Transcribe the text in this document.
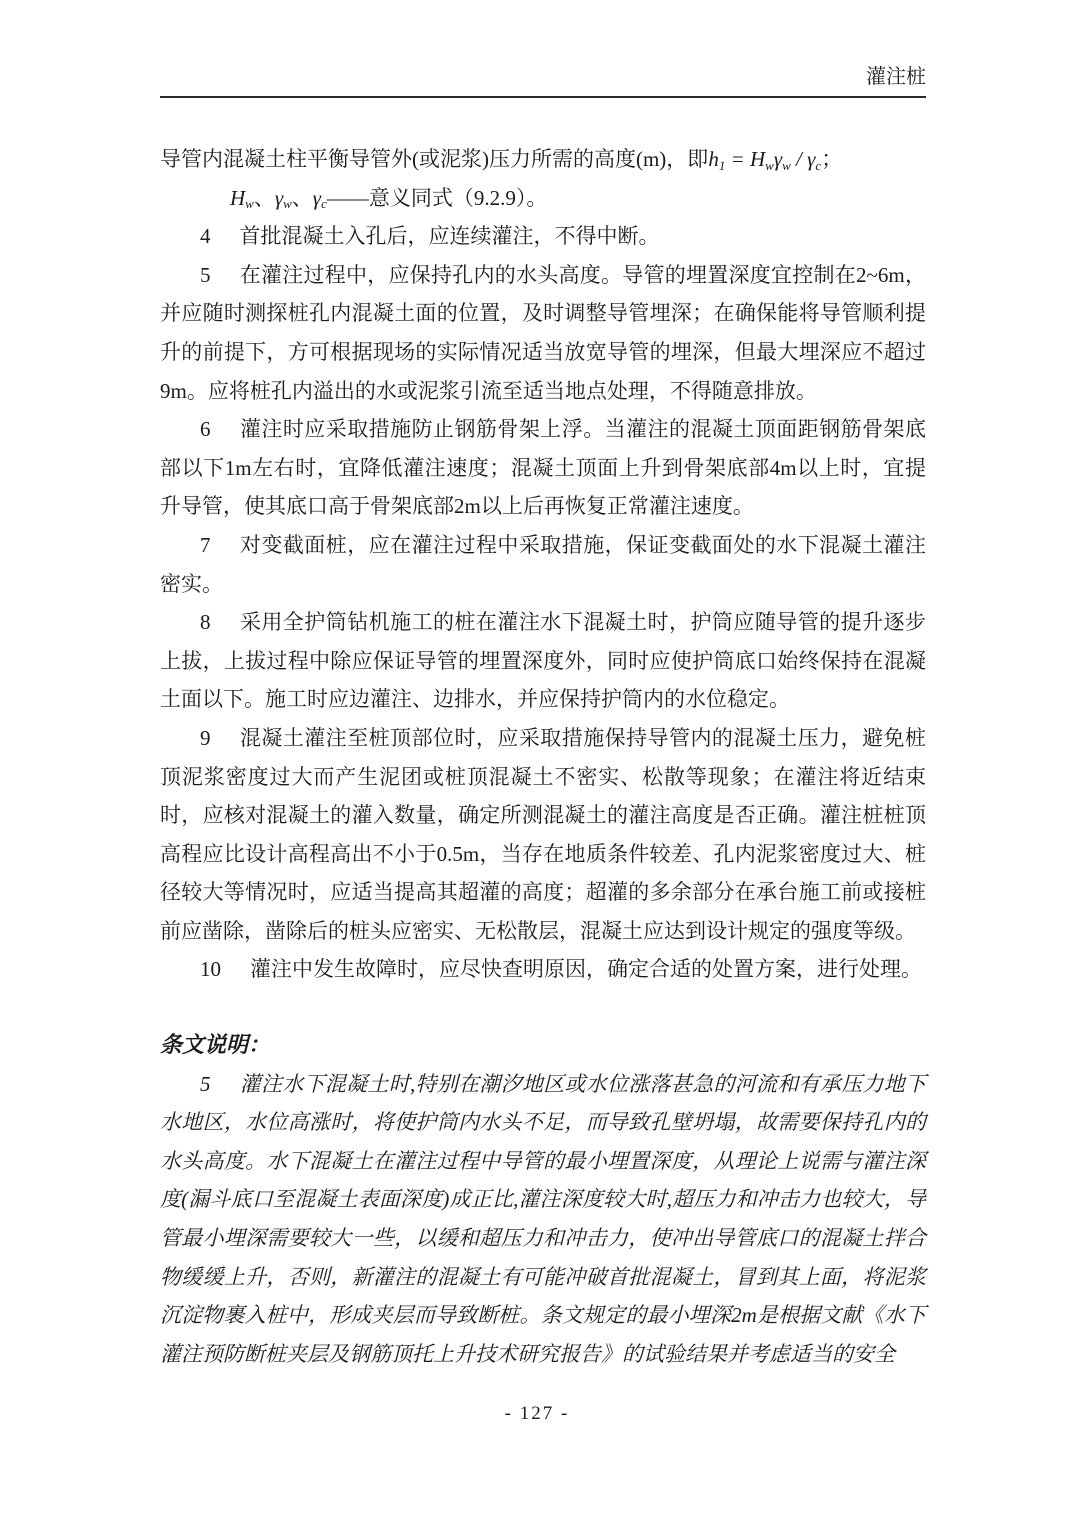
灌注桩

导管内混凝土柱平衡导管外(或泥浆)压力所需的高度(m)，即$h_1 = H_w\gamma_w / \gamma_c$；

$H_w$、$\gamma_w$、$\gamma_c——$意义同式（9.2.9）。

4 首批混凝土入孔后，应连续灌注，不得中断。

5 在灌注过程中，应保持孔内的水头高度。导管的埋置深度宜控制在2~6m，并应随时测探桩孔内混凝土面的位置，及时调整导管埋深；在确保能将导管顺利提升的前提下，方可根据现场的实际情况适当放宽导管的埋深，但最大埋深应不超过9m。应将桩孔内溢出的水或泥浆引流至适当地点处理，不得随意排放。

6 灌注时应采取措施防止钢筋骨架上浮。当灌注的混凝土顶面距钢筋骨架底部以下1m左右时，宜降低灌注速度；混凝土顶面上升到骨架底部4m以上时，宜提升导管，使其底口高于骨架底部2m以上后再恢复正常灌注速度。

7 对变截面桩，应在灌注过程中采取措施，保证变截面处的水下混凝土灌注密实。

8 采用全护筒钻机施工的桩在灌注水下混凝土时，护筒应随导管的提升逐步上拔，上拔过程中除应保证导管的埋置深度外，同时应使护筒底口始终保持在混凝土面以下。施工时应边灌注、边排水，并应保持护筒内的水位稳定。

9 混凝土灌注至桩顶部位时，应采取措施保持导管内的混凝土压力，避免桩顶泥浆密度过大而产生泥团或桩顶混凝土不密实、松散等现象；在灌注将近结束时，应核对混凝土的灌入数量，确定所测混凝土的灌注高度是否正确。灌注桩桩顶高程应比设计高程高出不小于0.5m，当存在地质条件较差、孔内泥浆密度过大、桩径较大等情况时，应适当提高其超灌的高度；超灌的多余部分在承台施工前或接桩前应凿除，凿除后的桩头应密实、无松散层，混凝土应达到设计规定的强度等级。

10 灌注中发生故障时，应尽快查明原因，确定合适的处置方案，进行处理。

条文说明：

5 灌注水下混凝土时,特别在潮汐地区或水位涨落甚急的河流和有承压力地下水地区，水位高涨时，将使护筒内水头不足，而导致孔壁坍塌，故需要保持孔内的水头高度。水下混凝土在灌注过程中导管的最小埋置深度，从理论上说需与灌注深度(漏斗底口至混凝土表面深度)成正比,灌注深度较大时,超压力和冲击力也较大，导管最小埋深需要较大一些，以缓和超压力和冲击力，使冲出导管底口的混凝土拌合物缓缓上升，否则，新灌注的混凝土有可能冲破首批混凝土，冒到其上面，将泥浆沉淀物裹入桩中，形成夹层而导致断桩。条文规定的最小埋深2m是根据文献《水下灌注预防断桩夹层及钢筋顶托上升技术研究报告》的试验结果并考虑适当的安全

- 127 -
